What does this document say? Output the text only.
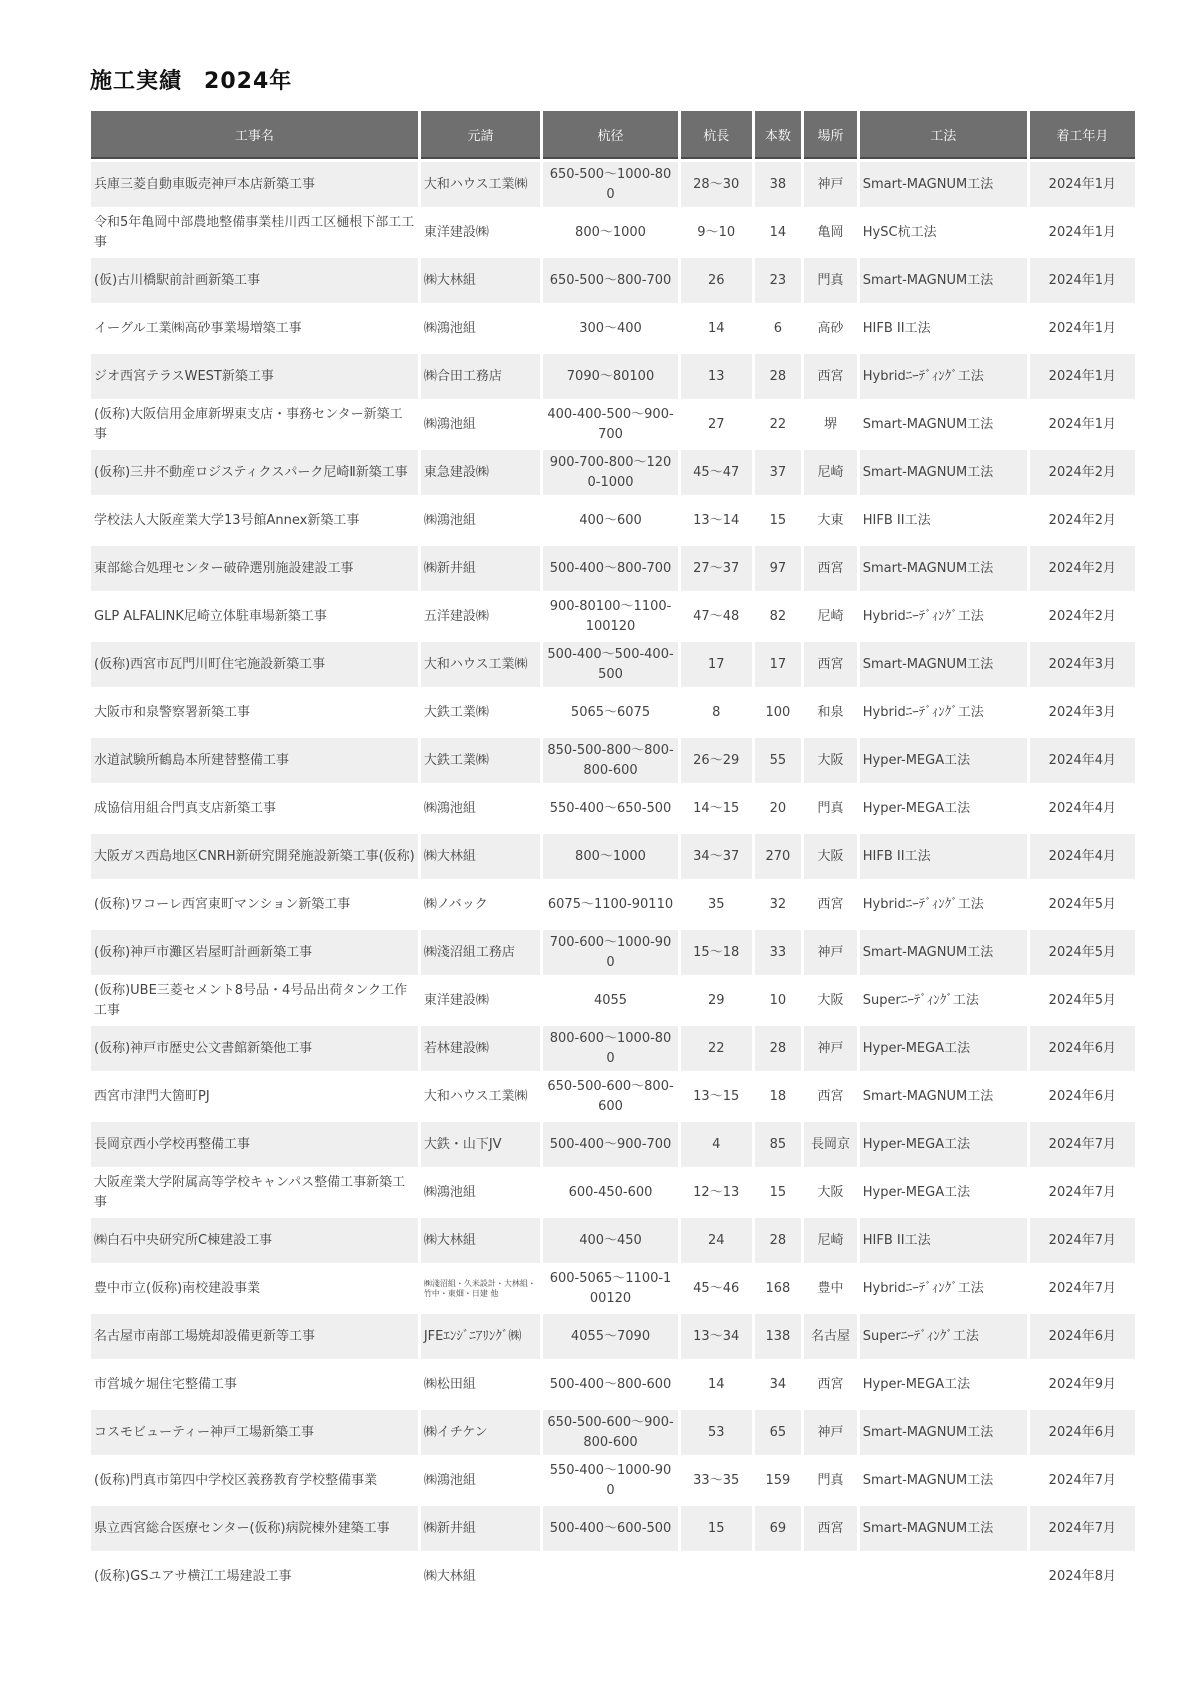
施工実績 2024年
工事名	元請	杭径	杭長	本数	場所	工法	着工年月
兵庫三菱自動車販売神戸本店新築工事	大和ハウス工業㈱	650-500～1000-800	28～30	38	神戸	Smart-MAGNUM工法	2024年1月
令和5年亀岡中部農地整備事業桂川西工区樋根下部工工事	東洋建設㈱	800～1000	9～10	14	亀岡	HySC杭工法	2024年1月
(仮)古川橋駅前計画新築工事	㈱大林組	650-500～800-700	26	23	門真	Smart-MAGNUM工法	2024年1月
イーグル工業㈱高砂事業場増築工事	㈱鴻池組	300～400	14	6	高砂	HIFB II工法	2024年1月
ジオ西宮テラスWEST新築工事	㈱合田工務店	7090～80100	13	28	西宮	Hybridﾆｰﾃﾞｨﾝｸﾞ工法	2024年1月
(仮称)大阪信用金庫新堺東支店・事務センター新築工事	㈱鴻池組	400-400-500～900-700	27	22	堺	Smart-MAGNUM工法	2024年1月
(仮称)三井不動産ロジスティクスパーク尼崎Ⅱ新築工事	東急建設㈱	900-700-800～1200-1000	45～47	37	尼崎	Smart-MAGNUM工法	2024年2月
学校法人大阪産業大学13号館Annex新築工事	㈱鴻池組	400～600	13～14	15	大東	HIFB II工法	2024年2月
東部総合処理センター破砕選別施設建設工事	㈱新井組	500-400～800-700	27～37	97	西宮	Smart-MAGNUM工法	2024年2月
GLP ALFALINK尼崎立体駐車場新築工事	五洋建設㈱	900-80100～1100-100120	47～48	82	尼崎	Hybridﾆｰﾃﾞｨﾝｸﾞ工法	2024年2月
(仮称)西宮市瓦門川町住宅施設新築工事	大和ハウス工業㈱	500-400～500-400-500	17	17	西宮	Smart-MAGNUM工法	2024年3月
大阪市和泉警察署新築工事	大鉄工業㈱	5065～6075	8	100	和泉	Hybridﾆｰﾃﾞｨﾝｸﾞ工法	2024年3月
水道試験所鶴島本所建替整備工事	大鉄工業㈱	850-500-800～800-800-600	26～29	55	大阪	Hyper-MEGA工法	2024年4月
成協信用組合門真支店新築工事	㈱鴻池組	550-400～650-500	14～15	20	門真	Hyper-MEGA工法	2024年4月
大阪ガス西島地区CNRH新研究開発施設新築工事(仮称)	㈱大林組	800～1000	34～37	270	大阪	HIFB II工法	2024年4月
(仮称)ワコーレ西宮東町マンション新築工事	㈱ノバック	6075～1100-90110	35	32	西宮	Hybridﾆｰﾃﾞｨﾝｸﾞ工法	2024年5月
(仮称)神戸市灘区岩屋町計画新築工事	㈱淺沼組工務店	700-600～1000-900	15～18	33	神戸	Smart-MAGNUM工法	2024年5月
(仮称)UBE三菱セメント8号品・4号品出荷タンク工作工事	東洋建設㈱	4055	29	10	大阪	Superﾆｰﾃﾞｨﾝｸﾞ工法	2024年5月
(仮称)神戸市歴史公文書館新築他工事	若林建設㈱	800-600～1000-800	22	28	神戸	Hyper-MEGA工法	2024年6月
西宮市津門大箇町PJ	大和ハウス工業㈱	650-500-600～800-600	13～15	18	西宮	Smart-MAGNUM工法	2024年6月
長岡京西小学校再整備工事	大鉄・山下JV	500-400～900-700	4	85	長岡京	Hyper-MEGA工法	2024年7月
大阪産業大学附属高等学校キャンパス整備工事新築工事	㈱鴻池組	600-450-600	12～13	15	大阪	Hyper-MEGA工法	2024年7月
㈱白石中央研究所C棟建設工事	㈱大林組	400～450	24	28	尼崎	HIFB II工法	2024年7月
豊中市立(仮称)南校建設事業	㈱淺沼組・久米設計・大林組・竹中・東畑・日建 他	600-5065～1100-100120	45～46	168	豊中	Hybridﾆｰﾃﾞｨﾝｸﾞ工法	2024年7月
名古屋市南部工場焼却設備更新等工事	JFEｴﾝｼﾞﾆｱﾘﾝｸﾞ㈱	4055～7090	13～34	138	名古屋	Superﾆｰﾃﾞｨﾝｸﾞ工法	2024年6月
市営城ケ堀住宅整備工事	㈱松田組	500-400～800-600	14	34	西宮	Hyper-MEGA工法	2024年9月
コスモビューティー神戸工場新築工事	㈱イチケン	650-500-600～900-800-600	53	65	神戸	Smart-MAGNUM工法	2024年6月
(仮称)門真市第四中学校区義務教育学校整備事業	㈱鴻池組	550-400～1000-900	33～35	159	門真	Smart-MAGNUM工法	2024年7月
県立西宮総合医療センター(仮称)病院棟外建築工事	㈱新井組	500-400～600-500	15	69	西宮	Smart-MAGNUM工法	2024年7月
(仮称)GSユアサ横江工場建設工事	㈱大林組						2024年8月
